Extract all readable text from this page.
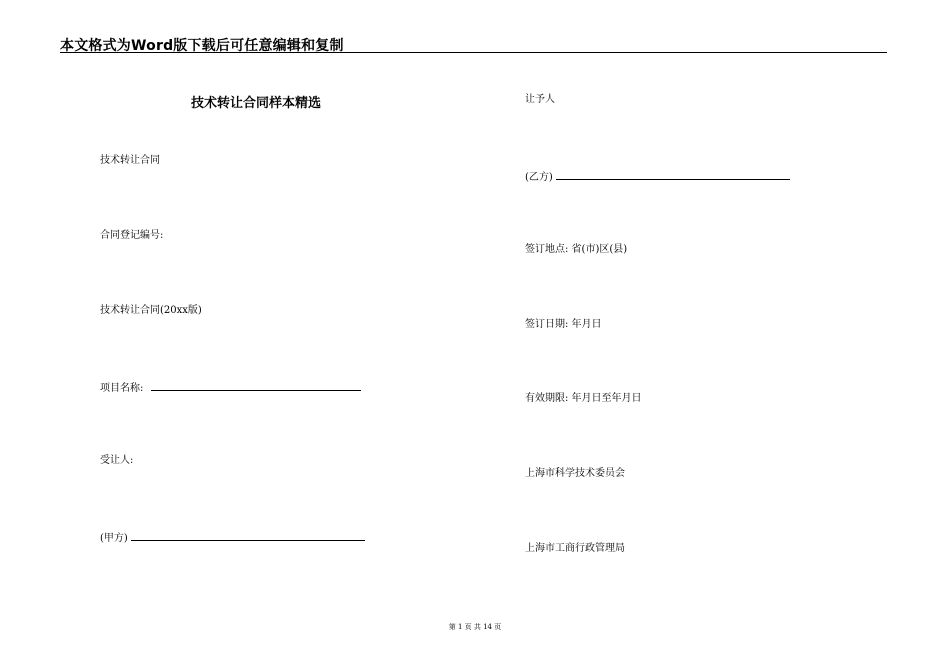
本文格式为Word版下载后可任意编辑和复制
技术转让合同样本精选
技术转让合同
合同登记编号:
技术转让合同(20xx版)
项目名称:
受让人:
(甲方)
让予人
(乙方)
签订地点: 省(市)区(县)
签订日期: 年月日
有效期限: 年月日至年月日
上海市科学技术委员会
上海市工商行政管理局
第 1 页 共 14 页
